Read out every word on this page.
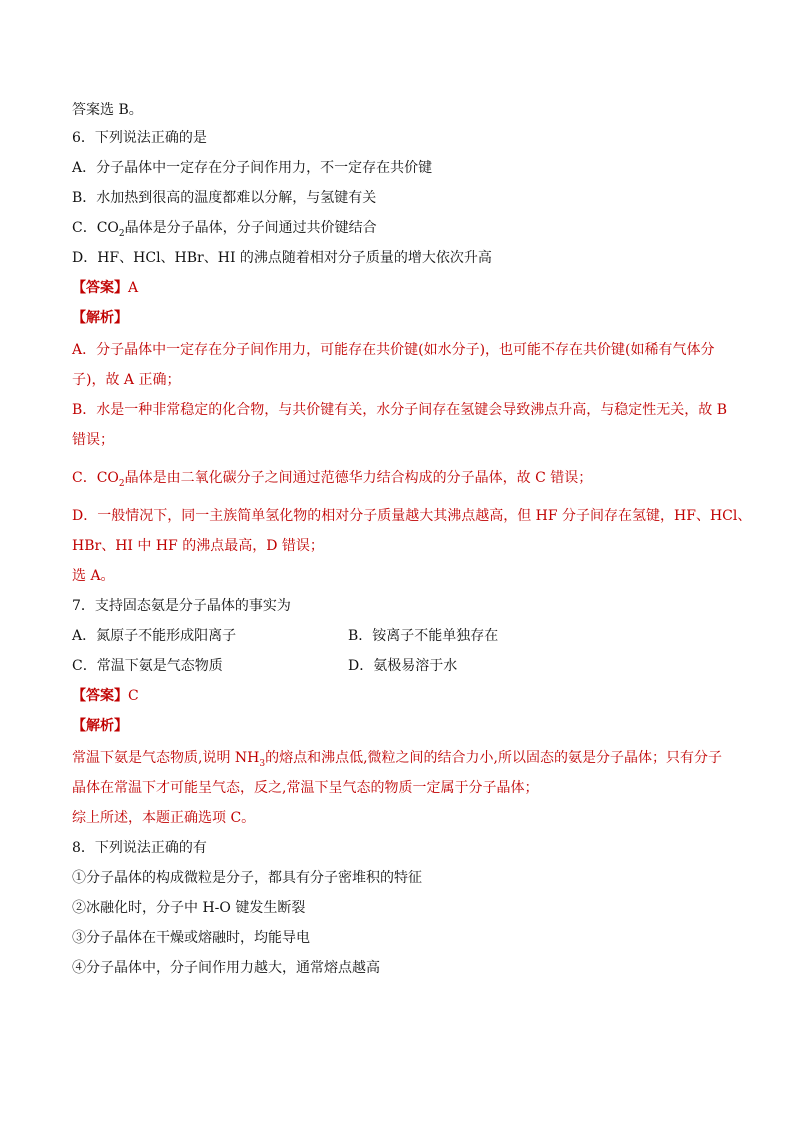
答案选 B。
6．下列说法正确的是
A．分子晶体中一定存在分子间作用力，不一定存在共价键
B．水加热到很高的温度都难以分解，与氢键有关
C．$CO_2$晶体是分子晶体，分子间通过共价键结合
D．HF、HCl、HBr、HI 的沸点随着相对分子质量的增大依次升高
【答案】A
【解析】
A．分子晶体中一定存在分子间作用力，可能存在共价键(如水分子)，也可能不存在共价键(如稀有气体分
子)，故 A 正确；
B．水是一种非常稳定的化合物，与共价键有关，水分子间存在氢键会导致沸点升高，与稳定性无关，故 B
错误；
C．$CO_2$晶体是由二氧化碳分子之间通过范德华力结合构成的分子晶体，故 C 错误；
D．一般情况下，同一主族简单氢化物的相对分子质量越大其沸点越高，但 HF 分子间存在氢键，HF、HCl、
HBr、HI 中 HF 的沸点最高，D 错误；
选 A。
7．支持固态氨是分子晶体的事实为
A．氮原子不能形成阳离子	B．铵离子不能单独存在
C．常温下氨是气态物质	D．氨极易溶于水
【答案】C
【解析】
常温下氨是气态物质,说明 $NH_3$的熔点和沸点低,微粒之间的结合力小,所以固态的氨是分子晶体；只有分子
晶体在常温下才可能呈气态，反之,常温下呈气态的物质一定属于分子晶体；
综上所述，本题正确选项 C。
8．下列说法正确的有
①分子晶体的构成微粒是分子，都具有分子密堆积的特征
②冰融化时，分子中 H-O 键发生断裂
③分子晶体在干燥或熔融时，均能导电
④分子晶体中，分子间作用力越大，通常熔点越高
